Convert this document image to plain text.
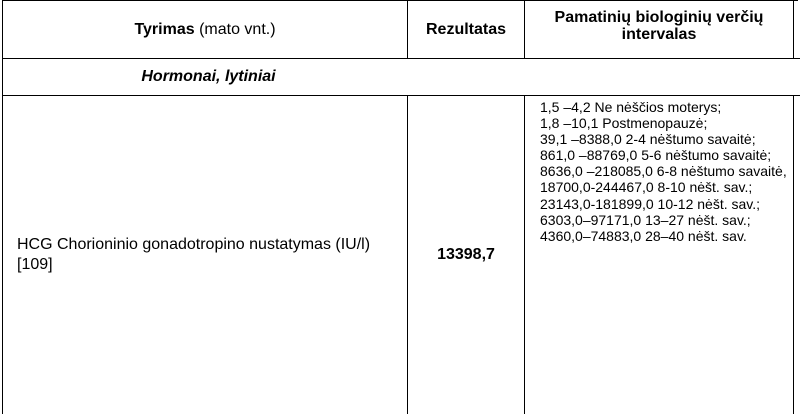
Tyrimas (mato vnt.)	Rezultatas
Pamatinių biologinių verčių intervalas
Hormonai, lytiniai
HCG Chorioninio gonadotropino nustatymas (IU/l) [109]
13398,7
1,5 –4,2 Ne nėščios moterys;
1,8 –10,1 Postmenopauzė;
39,1 –8388,0 2-4 nėštumo savaitė;
861,0 –88769,0 5-6 nėštumo savaitė;
8636,0 –218085,0 6-8 nėštumo savaitė,
18700,0-244467,0 8-10 nėšt. sav.;
23143,0-181899,0 10-12 nėšt. sav.;
6303,0–97171,0 13–27 nėšt. sav.;
4360,0–74883,0 28–40 nėšt. sav.
